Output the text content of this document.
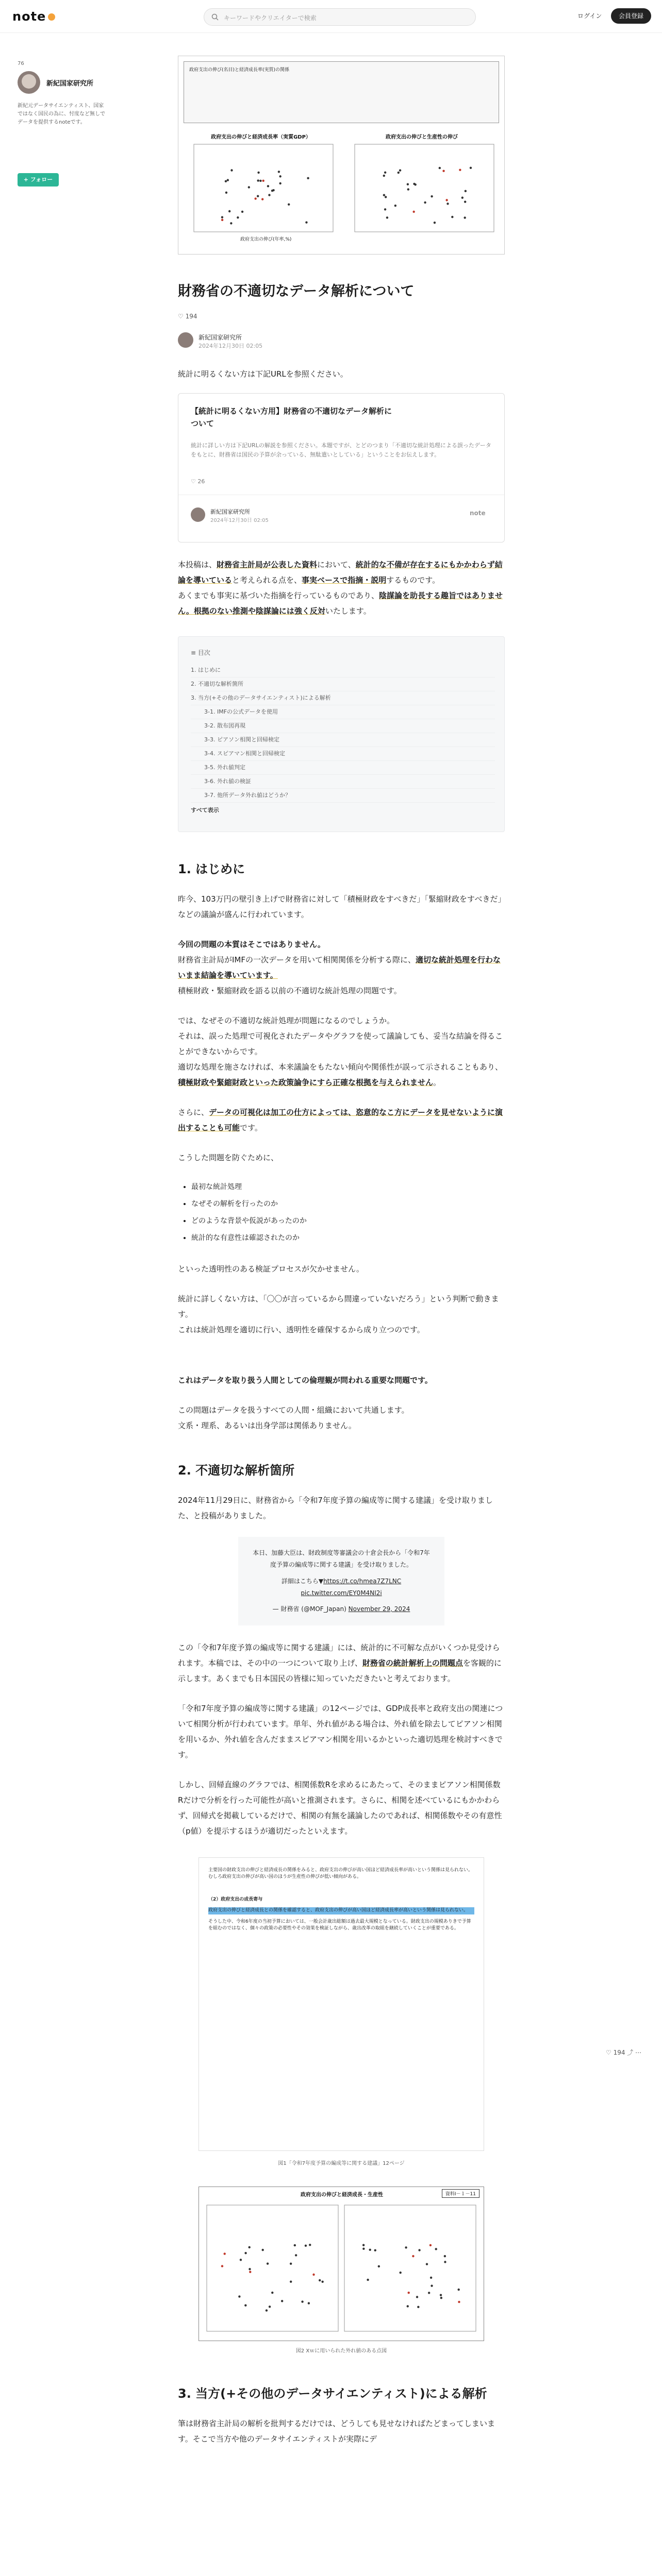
note	キーワードやクリエイターで検索	ログイン	会員登録
76
新紀国家研究所
新紀元データサイエンティスト、国家ではなく国民の為に、忖度など無しでデータを提供するnoteです。
+ フォロー
♡ 194 ⤴ ⋯
政府支出の伸び(名目)と経済成長率(実質)の関係
政府支出の伸びと経済成長率（実質GDP）	政府支出の伸びと生産性の伸び
政府支出の伸び(年率,%)
財務省の不適切なデータ解析について
♡ 194
新紀国家研究所
2024年12月30日 02:05

統計に明るくない方は下記URLを参照ください。

【統計に明るくない方用】財務省の不適切なデータ解析について
統計に詳しい方は下記URLの解説を参照ください。本題ですが、とどのつまり「不適切な統計処理による誤ったデータをもとに、財務省は国民の予算が余っている、無駄遣いとしている」ということをお伝えします。
♡ 26
新紀国家研究所
2024年12月30日 02:05
note

本投稿は、財務省主計局が公表した資料において、統計的な不備が存在するにもかかわらず結論を導いていると考えられる点を、事実ベースで指摘・説明するものです。
あくまでも事実に基づいた指摘を行っているものであり、陰謀論を助長する趣旨ではありません。根拠のない推測や陰謀論には強く反対いたします。

≡ 目次
1. はじめに
2. 不適切な解析箇所
3. 当方(+その他のデータサイエンティスト)による解析
3-1. IMFの公式データを使用
3-2. 散布図再現
3-3. ピアソン相関と回帰検定
3-4. スピアマン相関と回帰検定
3-5. 外れ値判定
3-6. 外れ値の検証
3-7. 他所データ外れ値はどうか？
すべて表示
1. はじめに

昨今、103万円の壁引き上げで財務省に対して「積極財政をすべきだ」「緊縮財政をすべきだ」などの議論が盛んに行われています。

今回の問題の本質はそこではありません。
財務省主計局がIMFの一次データを用いて相関関係を分析する際に、適切な統計処理を行わないまま結論を導いています。
積極財政・緊縮財政を語る以前の不適切な統計処理の問題です。

では、なぜその不適切な統計処理が問題になるのでしょうか。
それは、誤った処理で可視化されたデータやグラフを使って議論しても、妥当な結論を得ることができないからです。
適切な処理を施さなければ、本来議論をもたない傾向や関係性が誤って示されることもあり、積極財政や緊縮財政といった政策論争にすら正確な根拠を与えられません。

さらに、データの可視化は加工の仕方によっては、恣意的なこ方にデータを見せないように演出することも可能です。

こうした問題を防ぐために、

• 最初な統計処理
• なぜその解析を行ったのか
• どのような背景や仮説があったのか
• 統計的な有意性は確認されたのか

といった透明性のある検証プロセスが欠かせません。

統計に詳しくない方は、「〇〇が言っているから間違っていないだろう」という判断で動きます。
これは統計処理を適切に行い、透明性を確保するから成り立つのです。

これはデータを取り扱う人間としての倫理観が問われる重要な問題です。

この問題はデータを扱うすべての人間・組織において共通します。
文系・理系、あるいは出身学部は関係ありません。

2. 不適切な解析箇所

2024年11月29日に、財務省から「令和7年度予算の編成等に関する建議」を受け取りました、と投稿がありました。

本日、加藤大臣は、財政制度等審議会の十倉会長から「令和7年度予算の編成等に関する建議」を受け取りました。
詳細はこちら▼https://t.co/hmea7Z7LNC
pic.twitter.com/EY0M4NI2i
— 財務省 (@MOF_Japan) November 29, 2024

この「令和7年度予算の編成等に関する建議」には、統計的に不可解な点がいくつか見受けられます。本稿では、その中の一つについて取り上げ、財務省の統計解析上の問題点を客観的に示します。あくまでも日本国民の皆様に知っていただきたいと考えております。

「令和7年度予算の編成等に関する建議」の12ページでは、GDP成長率と政府支出の関連について相関分析が行われています。単年、外れ値がある場合は、外れ値を除去してピアソン相関を用いるか、外れ値を含んだままスピアマン相関を用いるかといった適切処理を検討すべきです。

しかし、回帰直線のグラフでは、相関係数Rを求めるにあたって、そのままピアソン相関係数Rだけで分析を行った可能性が高いと推測されます。さらに、相関を述べているにもかかわらず、回帰式を掲載しているだけで、相関の有無を議論したのであれば、相関係数やその有意性（p値）を提示するほうが適切だったといえます。

主要国の財政支出の伸びと経済成長の関係をみると、政府支出の伸びが高い国ほど経済成長率が高いという関係は見られない。むしろ政府支出の伸びが高い国のほうが生産性の伸びが低い傾向がある。
（2）政府支出の成長寄与
政府支出の伸びと経済成長との関係を確認すると、政府支出の伸びが高い国ほど経済成長率が高いという関係は見られない。
そうした中、令和6年度の当初予算においては、一般会計歳出総額は過去最大規模となっている。財政支出の規模ありきで予算を組むのではなく、個々の政策の必要性やその効果を検証しながら、歳出改革の取組を継続していくことが重要である。
図1「令和7年度予算の編成等に関する建議」12ページ
政府支出の伸びと経済成長・生産性	資料Ⅰ－１－11
図2 Xｗに用いられた外れ値のある点図
3. 当方(+その他のデータサイエンティスト)による解析

筆は財務省主計局の解析を批判するだけでは、どうしても見せなければたどまってしまいます。そこで当方や他のデータサイエンティストが実際にデ
